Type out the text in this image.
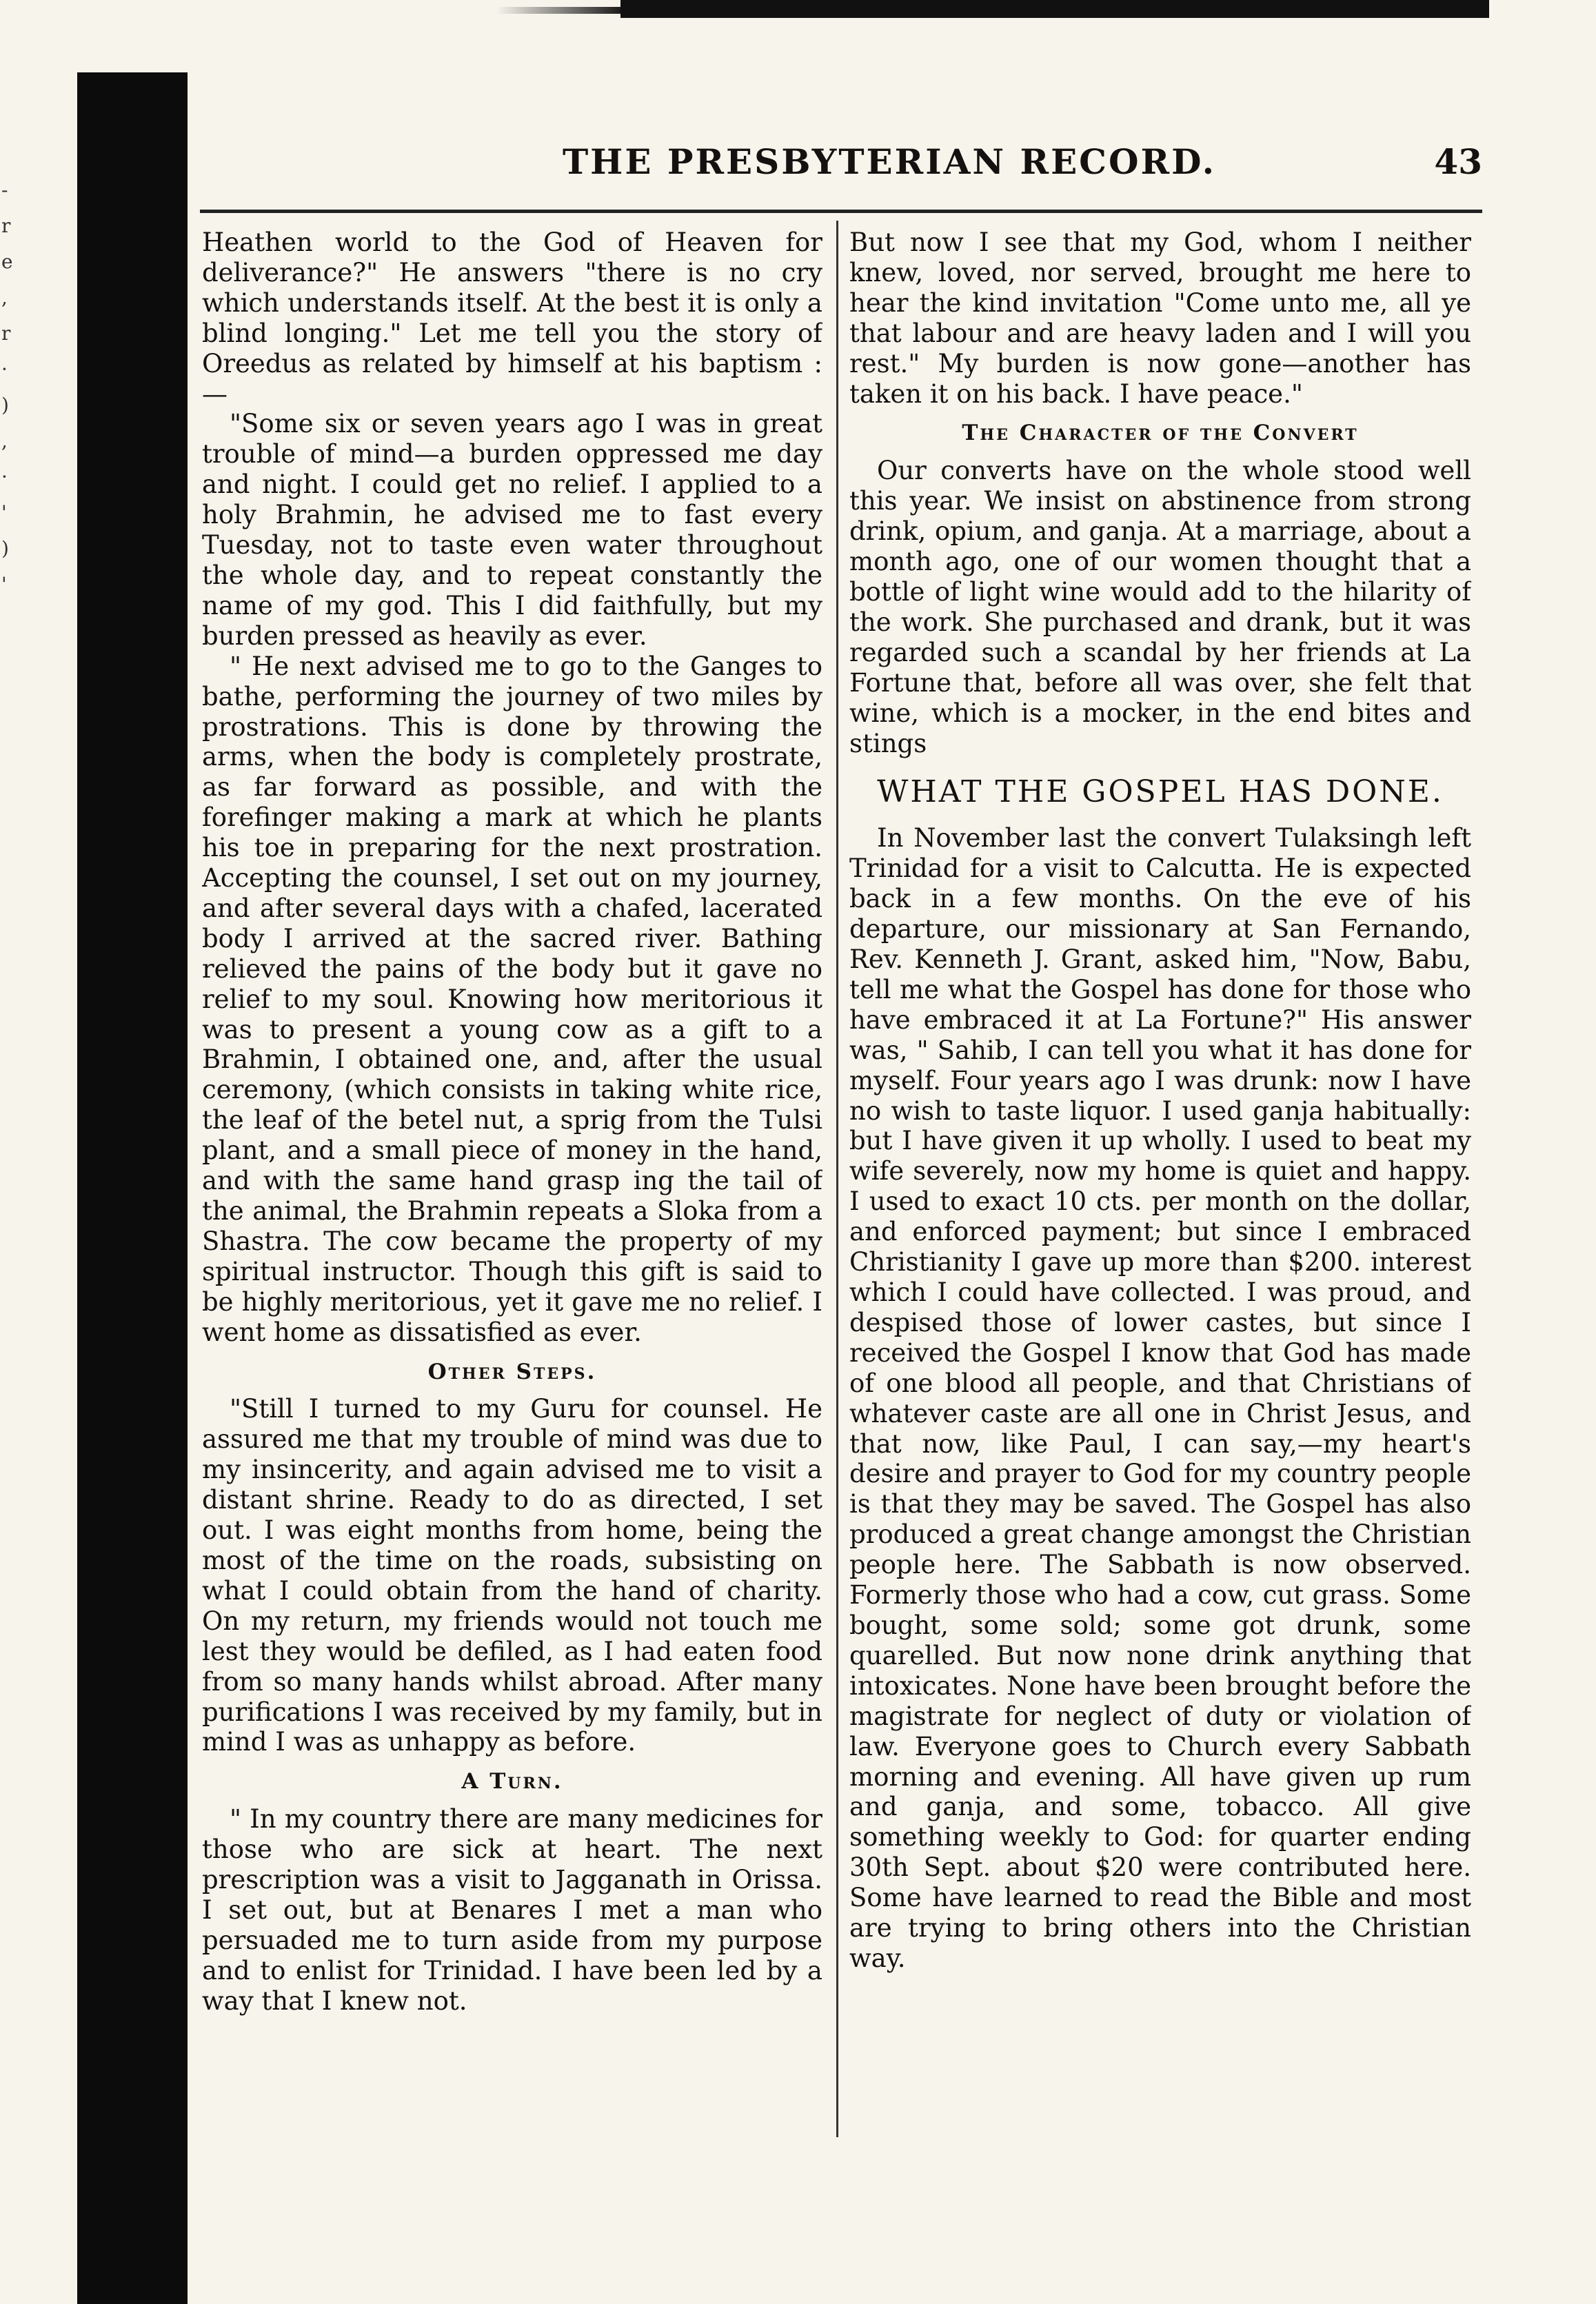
-
r
e
,
r
·
)
,
·
'
)
'
THE PRESBYTERIAN RECORD.	43

Heathen world to the God of Heaven for deliverance?" He answers "there is no cry which understands itself. At the best it is only a blind longing." Let me tell you the story of Oreedus as related by himself at his baptism :—

"Some six or seven years ago I was in great trouble of mind—a burden oppressed me day and night. I could get no relief. I applied to a holy Brahmin, he advised me to fast every Tuesday, not to taste even water throughout the whole day, and to repeat constantly the name of my god. This I did faithfully, but my burden pressed as heavily as ever.

" He next advised me to go to the Ganges to bathe, performing the journey of two miles by prostrations. This is done by throwing the arms, when the body is completely prostrate, as far forward as possible, and with the forefinger making a mark at which he plants his toe in preparing for the next prostration. Accepting the counsel, I set out on my journey, and after several days with a chafed, lacerated body I arrived at the sacred river. Bathing relieved the pains of the body but it gave no relief to my soul. Knowing how meritorious it was to present a young cow as a gift to a Brahmin, I obtained one, and, after the usual ceremony, (which consists in taking white rice, the leaf of the betel nut, a sprig from the Tulsi plant, and a small piece of money in the hand, and with the same hand grasp ing the tail of the animal, the Brahmin repeats a Sloka from a Shastra. The cow became the property of my spiritual instructor. Though this gift is said to be highly meritorious, yet it gave me no relief. I went home as dissatisfied as ever.

Other Steps.

"Still I turned to my Guru for counsel. He assured me that my trouble of mind was due to my insincerity, and again advised me to visit a distant shrine. Ready to do as directed, I set out. I was eight months from home, being the most of the time on the roads, subsisting on what I could obtain from the hand of charity. On my return, my friends would not touch me lest they would be defiled, as I had eaten food from so many hands whilst abroad. After many purifications I was received by my family, but in mind I was as unhappy as before.

A Turn.

" In my country there are many medicines for those who are sick at heart. The next prescription was a visit to Jagganath in Orissa. I set out, but at Benares I met a man who persuaded me to turn aside from my purpose and to enlist for Trinidad. I have been led by a way that I knew not.

But now I see that my God, whom I neither knew, loved, nor served, brought me here to hear the kind invitation "Come unto me, all ye that labour and are heavy laden and I will you rest." My burden is now gone—another has taken it on his back. I have peace."

The Character of the Convert

Our converts have on the whole stood well this year. We insist on abstinence from strong drink, opium, and ganja. At a marriage, about a month ago, one of our women thought that a bottle of light wine would add to the hilarity of the work. She purchased and drank, but it was regarded such a scandal by her friends at La Fortune that, before all was over, she felt that wine, which is a mocker, in the end bites and stings

WHAT THE GOSPEL HAS DONE.

In November last the convert Tulaksingh left Trinidad for a visit to Calcutta. He is expected back in a few months. On the eve of his departure, our missionary at San Fernando, Rev. Kenneth J. Grant, asked him, "Now, Babu, tell me what the Gospel has done for those who have embraced it at La Fortune?" His answer was, " Sahib, I can tell you what it has done for myself. Four years ago I was drunk: now I have no wish to taste liquor. I used ganja habitually: but I have given it up wholly. I used to beat my wife severely, now my home is quiet and happy. I used to exact 10 cts. per month on the dollar, and enforced payment; but since I embraced Christianity I gave up more than $200. interest which I could have collected. I was proud, and despised those of lower castes, but since I received the Gospel I know that God has made of one blood all people, and that Christians of whatever caste are all one in Christ Jesus, and that now, like Paul, I can say,—my heart's desire and prayer to God for my country people is that they may be saved. The Gospel has also produced a great change amongst the Christian people here. The Sabbath is now observed. Formerly those who had a cow, cut grass. Some bought, some sold; some got drunk, some quarelled. But now none drink anything that intoxicates. None have been brought before the magistrate for neglect of duty or violation of law. Everyone goes to Church every Sabbath morning and evening. All have given up rum and ganja, and some, tobacco. All give something weekly to God: for quarter ending 30th Sept. about $20 were contributed here. Some have learned to read the Bible and most are trying to bring others into the Christian way.
